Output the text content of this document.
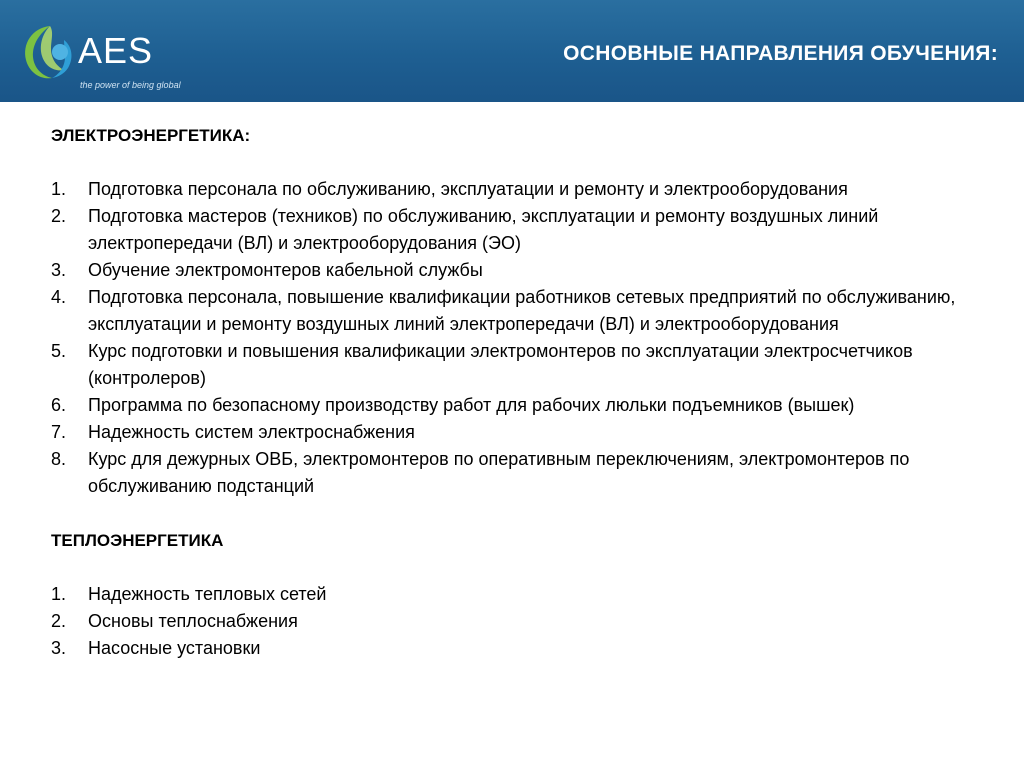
AES
the power of being global
ОСНОВНЫЕ НАПРАВЛЕНИЯ ОБУЧЕНИЯ:

ЭЛЕКТРОЭНЕРГЕТИКА:

1. Подготовка персонала по обслуживанию, эксплуатации и ремонту и электрооборудования
2. Подготовка мастеров (техников) по обслуживанию, эксплуатации и ремонту воздушных линий электропередачи (ВЛ) и электрооборудования (ЭО)
3. Обучение электромонтеров кабельной службы
4. Подготовка персонала, повышение квалификации работников сетевых предприятий по обслуживанию, эксплуатации и ремонту воздушных линий электропередачи (ВЛ) и электрооборудования
5. Курс подготовки и повышения квалификации электромонтеров по эксплуатации электросчетчиков (контролеров)
6. Программа по безопасному производству работ для рабочих люльки подъемников (вышек)
7. Надежность систем электроснабжения
8. Курс для дежурных ОВБ, электромонтеров по оперативным переключениям, электромонтеров по обслуживанию подстанций

ТЕПЛОЭНЕРГЕТИКА

1. Надежность тепловых сетей
2. Основы теплоснабжения
3. Насосные установки
